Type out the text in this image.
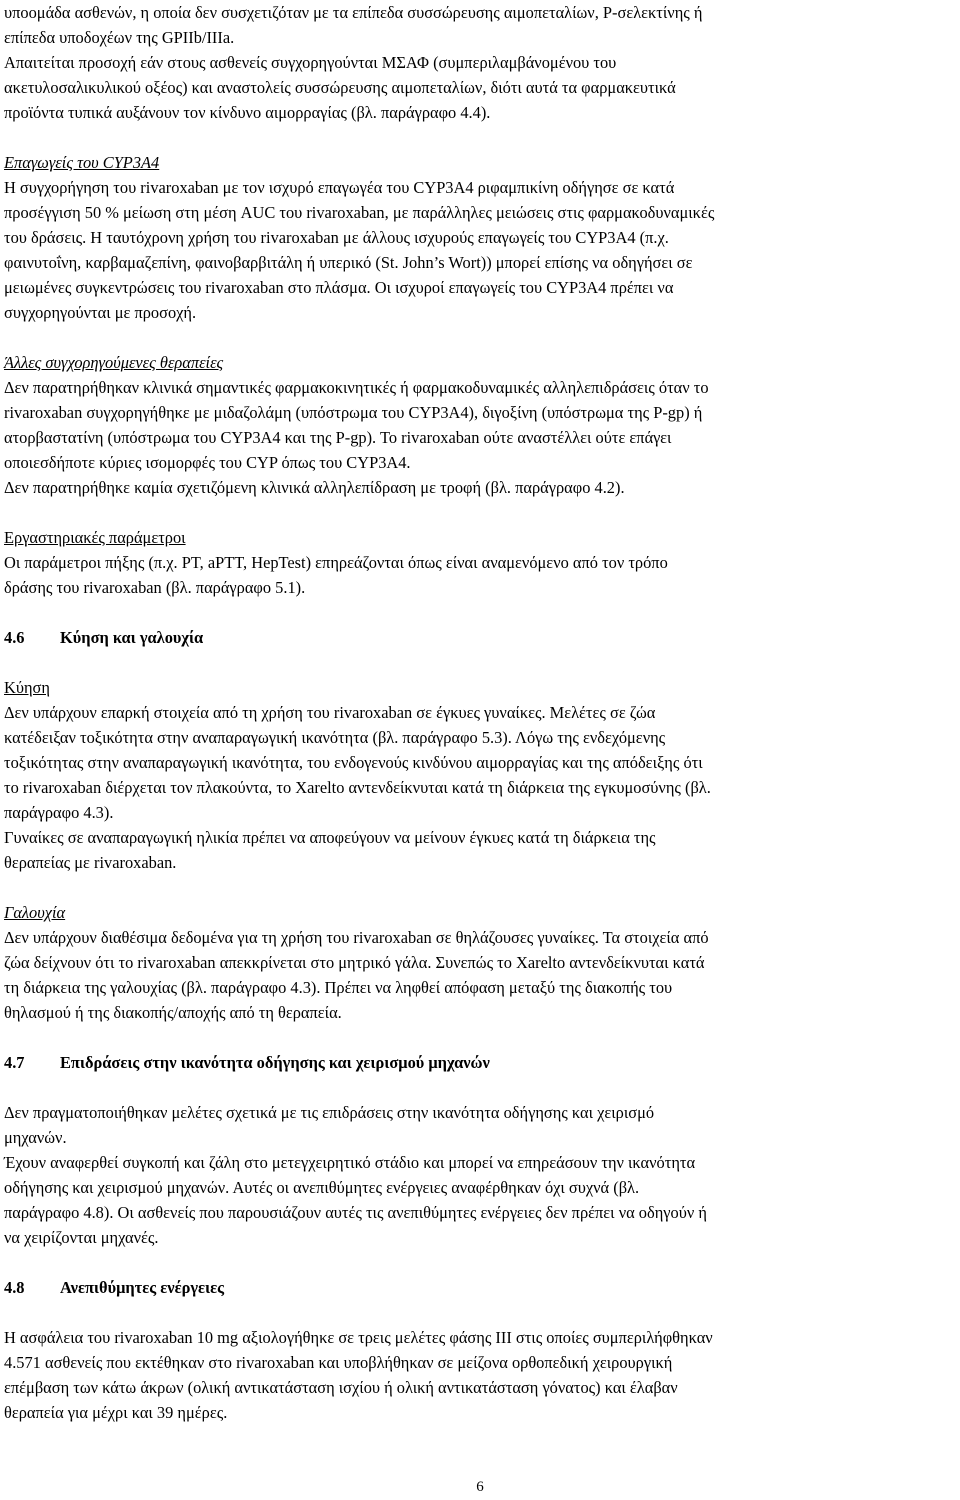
υποομάδα ασθενών, η οποία δεν συσχετιζόταν με τα επίπεδα συσσώρευσης αιμοπεταλίων, P-σελεκτίνης ή
επίπεδα υποδοχέων της GPIIb/IIIa.
Απαιτείται προσοχή εάν στους ασθενείς συγχορηγούνται ΜΣΑΦ (συμπεριλαμβάνομένου του
ακετυλοσαλικυλικού οξέος) και αναστολείς συσσώρευσης αιμοπεταλίων, διότι αυτά τα φαρμακευτικά
προϊόντα τυπικά αυξάνουν τον κίνδυνο αιμορραγίας (βλ. παράγραφο 4.4).
Επαγωγείς του CYP3A4
Η συγχορήγηση του rivaroxaban με τον ισχυρό επαγωγέα του CYP3A4 ριφαμπικίνη οδήγησε σε κατά
προσέγγιση 50 % μείωση στη μέση AUC του rivaroxaban, με παράλληλες μειώσεις στις φαρμακοδυναμικές
του δράσεις. Η ταυτόχρονη χρήση του rivaroxaban με άλλους ισχυρούς επαγωγείς του CYP3A4 (π.χ.
φαινυτοΐνη, καρβαμαζεπίνη, φαινοβαρβιτάλη ή υπερικό (St. John’s Wort)) μπορεί επίσης να οδηγήσει σε
μειωμένες συγκεντρώσεις του rivaroxaban στο πλάσμα. Οι ισχυροί επαγωγείς του CYP3A4 πρέπει να
συγχορηγούνται με προσοχή.
Άλλες συγχορηγούμενες θεραπείες
Δεν παρατηρήθηκαν κλινικά σημαντικές φαρμακοκινητικές ή φαρμακοδυναμικές αλληλεπιδράσεις όταν το
rivaroxaban συγχορηγήθηκε με μιδαζολάμη (υπόστρωμα του CYP3A4), διγοξίνη (υπόστρωμα της P-gp) ή
ατορβαστατίνη (υπόστρωμα του CYP3A4 και της P-gp). Το rivaroxaban ούτε αναστέλλει ούτε επάγει
οποιεσδήποτε κύριες ισομορφές του CYP όπως του CYP3A4.
Δεν παρατηρήθηκε καμία σχετιζόμενη κλινικά αλληλεπίδραση με τροφή (βλ. παράγραφο 4.2).
Εργαστηριακές παράμετροι
Οι παράμετροι πήξης (π.χ. PT, aPTT, HepTest) επηρεάζονται όπως είναι αναμενόμενο από τον τρόπο
δράσης του rivaroxaban (βλ. παράγραφο 5.1).
4.6 Κύηση και γαλουχία
Κύηση
Δεν υπάρχουν επαρκή στοιχεία από τη χρήση του rivaroxaban σε έγκυες γυναίκες. Μελέτες σε ζώα
κατέδειξαν τοξικότητα στην αναπαραγωγική ικανότητα (βλ. παράγραφο 5.3). Λόγω της ενδεχόμενης
τοξικότητας στην αναπαραγωγική ικανότητα, του ενδογενούς κινδύνου αιμορραγίας και της απόδειξης ότι
το rivaroxaban διέρχεται τον πλακούντα, το Xarelto αντενδείκνυται κατά τη διάρκεια της εγκυμοσύνης (βλ.
παράγραφο 4.3).
Γυναίκες σε αναπαραγωγική ηλικία πρέπει να αποφεύγουν να μείνουν έγκυες κατά τη διάρκεια της
θεραπείας με rivaroxaban.
Γαλουχία
Δεν υπάρχουν διαθέσιμα δεδομένα για τη χρήση του rivaroxaban σε θηλάζουσες γυναίκες. Τα στοιχεία από
ζώα δείχνουν ότι το rivaroxaban απεκκρίνεται στο μητρικό γάλα. Συνεπώς το Xarelto αντενδείκνυται κατά
τη διάρκεια της γαλουχίας (βλ. παράγραφο 4.3). Πρέπει να ληφθεί απόφαση μεταξύ της διακοπής του
θηλασμού ή της διακοπής/αποχής από τη θεραπεία.
4.7 Επιδράσεις στην ικανότητα οδήγησης και χειρισμού μηχανών
Δεν πραγματοποιήθηκαν μελέτες σχετικά με τις επιδράσεις στην ικανότητα οδήγησης και χειρισμό
μηχανών.
Έχουν αναφερθεί συγκοπή και ζάλη στο μετεγχειρητικό στάδιο και μπορεί να επηρεάσουν την ικανότητα
οδήγησης και χειρισμού μηχανών. Αυτές οι ανεπιθύμητες ενέργειες αναφέρθηκαν όχι συχνά (βλ.
παράγραφο 4.8). Οι ασθενείς που παρουσιάζουν αυτές τις ανεπιθύμητες ενέργειες δεν πρέπει να οδηγούν ή
να χειρίζονται μηχανές.
4.8 Ανεπιθύμητες ενέργειες
Η ασφάλεια του rivaroxaban 10 mg αξιολογήθηκε σε τρεις μελέτες φάσης III στις οποίες συμπεριλήφθηκαν
4.571 ασθενείς που εκτέθηκαν στο rivaroxaban και υποβλήθηκαν σε μείζονα ορθοπεδική χειρουργική
επέμβαση των κάτω άκρων (ολική αντικατάσταση ισχίου ή ολική αντικατάσταση γόνατος) και έλαβαν
θεραπεία για μέχρι και 39 ημέρες.
6
